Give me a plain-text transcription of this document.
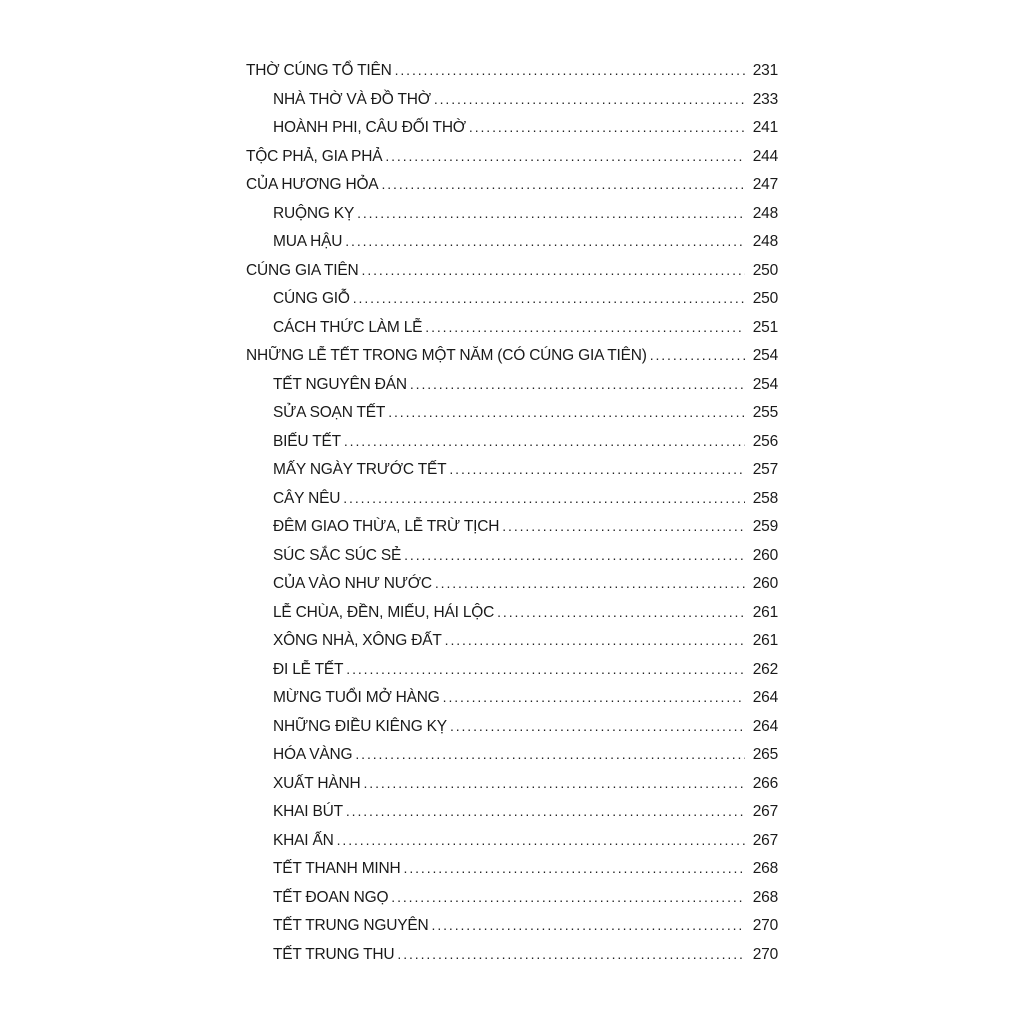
THỜ CÚNG TỔ TIÊN .....	231
NHÀ THỜ VÀ ĐỒ THỜ .....	233
HOÀNH PHI, CÂU ĐỐI THỜ .....	241
TỘC PHẢ, GIA PHẢ .....	244
CỦA HƯƠNG HỎA .....	247
RUỘNG KỴ .....	248
MUA HẬU .....	248
CÚNG GIA TIÊN .....	250
CÚNG GIỖ .....	250
CÁCH THỨC LÀM LỄ .....	251
NHỮNG LỄ TẾT TRONG MỘT NĂM (CÓ CÚNG GIA TIÊN) .....	254
TẾT NGUYÊN ĐÁN .....	254
SỬA SOẠN TẾT .....	255
BIẾU TẾT .....	256
MẤY NGÀY TRƯỚC TẾT .....	257
CÂY NÊU .....	258
ĐÊM GIAO THỪA, LỄ TRỪ TỊCH .....	259
SÚC SẮC SÚC SẺ .....	260
CỦA VÀO NHƯ NƯỚC .....	260
LỄ CHÙA, ĐỀN, MIẾU, HÁI LỘC .....	261
XÔNG NHÀ, XÔNG ĐẤT .....	261
ĐI LỄ TẾT .....	262
MỪNG TUỔI MỞ HÀNG .....	264
NHỮNG ĐIỀU KIÊNG KỴ .....	264
HÓA VÀNG .....	265
XUẤT HÀNH .....	266
KHAI BÚT .....	267
KHAI ẤN .....	267
TẾT THANH MINH .....	268
TẾT ĐOAN NGỌ .....	268
TẾT TRUNG NGUYÊN .....	270
TẾT TRUNG THU .....	270
